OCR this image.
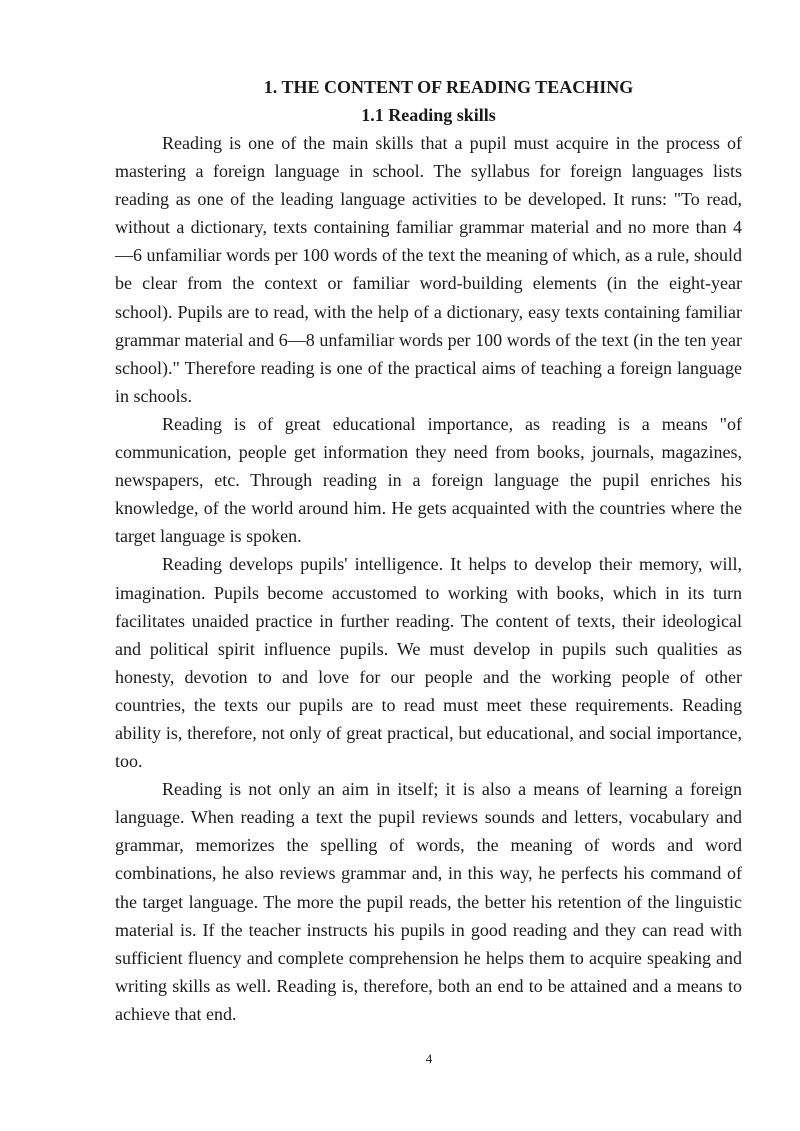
1. THE CONTENT OF READING TEACHING
1.1 Reading skills

Reading is one of the main skills that a pupil must acquire in the process of mastering a foreign language in school. The syllabus for foreign languages lists reading as one of the leading language activities to be developed. It runs: "To read, without a dictionary, texts containing familiar grammar material and no more than 4 —6 unfamiliar words per 100 words of the text the meaning of which, as a rule, should be clear from the context or familiar word-building elements (in the eight-year school). Pupils are to read, with the help of a dictionary, easy texts containing familiar grammar material and 6—8 unfamiliar words per 100 words of the text (in the ten year school)." Therefore reading is one of the practical aims of teaching a foreign language in schools.

Reading is of great educational importance, as reading is a means "of communication, people get information they need from books, journals, magazines, newspapers, etc. Through reading in a foreign language the pupil enriches his knowledge, of the world around him. He gets acquainted with the countries where the target language is spoken.

Reading develops pupils' intelligence. It helps to develop their memory, will, imagination. Pupils become accustomed to working with books, which in its turn facilitates unaided practice in further reading. The content of texts, their ideological and political spirit influence pupils. We must develop in pupils such qualities as honesty, devotion to and love for our people and the working people of other countries, the texts our pupils are to read must meet these requirements. Reading ability is, therefore, not only of great practical, but educational, and social importance, too.

Reading is not only an aim in itself; it is also a means of learning a foreign language. When reading a text the pupil reviews sounds and letters, vocabulary and grammar, memorizes the spelling of words, the meaning of words and word combinations, he also reviews grammar and, in this way, he perfects his command of the target language. The more the pupil reads, the better his retention of the linguistic material is. If the teacher instructs his pupils in good reading and they can read with sufficient fluency and complete comprehension he helps them to acquire speaking and writing skills as well. Reading is, therefore, both an end to be attained and a means to achieve that end.

4
